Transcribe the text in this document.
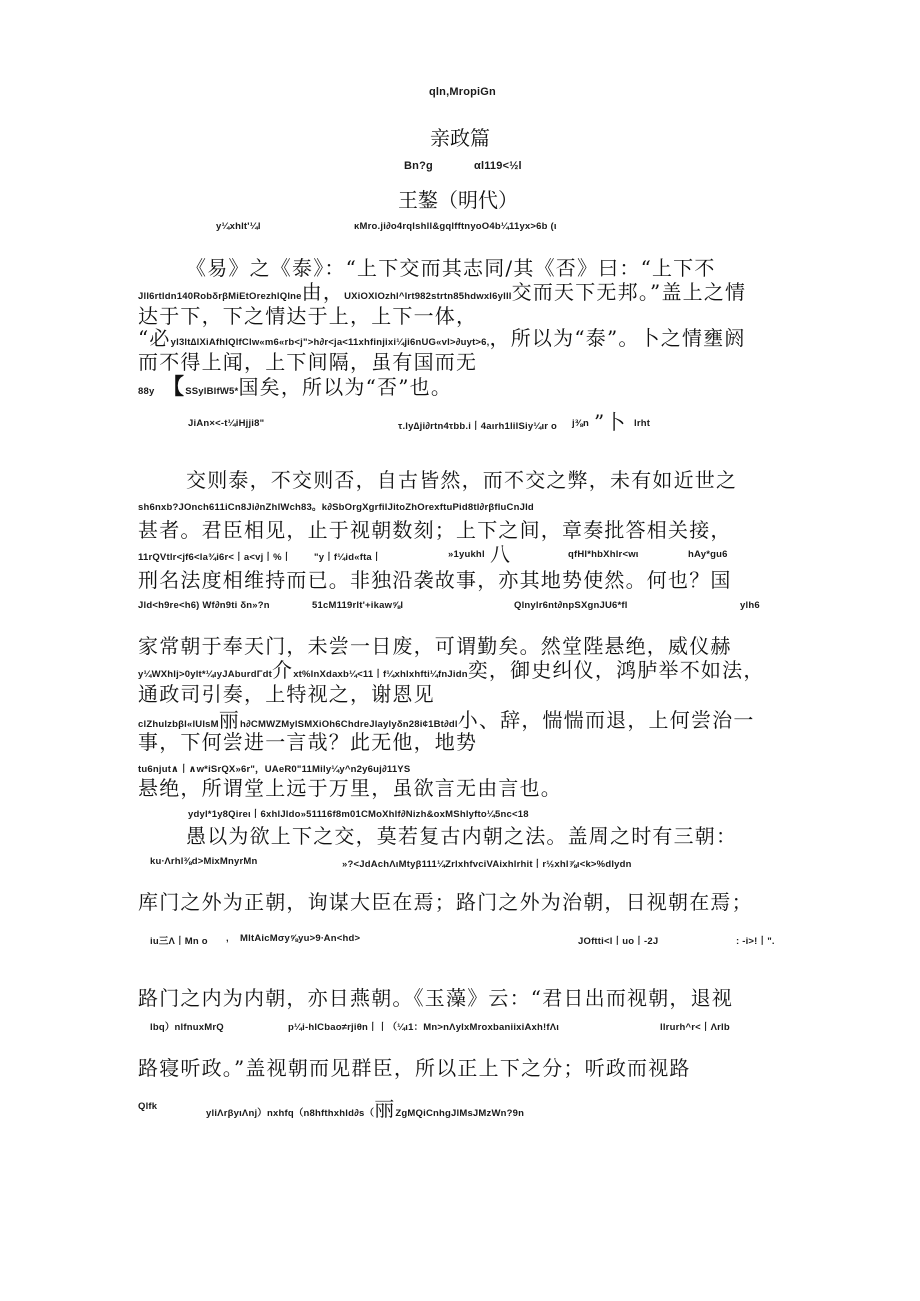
qln,MropiGn
亲政篇
Bn?g	αl119<½l
王鏊（明代）
y¼xhlt'¼l	κMro.ji∂o4rqlshll&gqlfftnyoO4b¼11yx>6b (ι
《易》之《泰》：“上下交而其志同/其《否》曰：“上下不
Jll6rtldn140RobδrβMiEtOrezhlQlne由，UXiOXlOzhl^lrt982strtn85hdwxl6ylll交而天下无邦。”盖上之情
达于下，下之情达于上，上下一体，
“必yl3lt∆lXiAfhlQlfClw«m6«rb<j">h∂r<ja<11xhfinjixi¼ji6nUG«vl>∂uyt>6,，所以为“泰”。卜之情壅阏
而不得上闻，上下间隔，虽有国而无
88y 【SSylBlfW5*国矣，所以为“否”也。
JiAn×<-t¼iHjji8"	τ.ly∆ji∂rtn4τbb.i丨4aιrh1lilSiy¼ιr ο j⅜n ”卜 lrht
交则泰，不交则否，自古皆然，而不交之弊，未有如近世之
sh6nxb?JOnch611iCn8Ji∂nZhlWch83。k∂SbOrgXgrfilJitoZhOrexftuPid8tl∂rβfluCnJld
甚者。君臣相见，止于视朝数刻；上下之间，章奏批答相关接，
11rQVtlr<jf6<la¾i6r<丨a<vj丨%丨 "y丨f¼id«fta丨	»1yukhl 八	qfHl*hbXhlr<wι	hAy*gu6
刑名法度相维持而已。非独沿袭故事，亦其地势使然。何也？国
Jld<h9re<h6) Wf∂n9ti δn»?n	51cM119rlt'+ikaw⅝l	Qlnylr6nt∂npSXgnJU6*fl	ylh6
家常朝于奉天门，未尝一日废，可谓勤矣。然堂陛悬绝，威仪赫
y¼WXhlj>0ylt*¼ιyJAburdΓdt介xt%lnXdaxb¼<11丨f¼xhlxhfti¼fnJidn奕，御史纠仪，鸿胪举不如法，
通政司引奏，上特视之，谢恩见
clZhulzbβl«lUlsM丽h∂CMWZMylSMXiOh6ChdreJlaylyδn28i¢1Bt∂dl小、辞，惴惴而退，上何尝治一
事，下何尝进一言哉？此无他，地势
tu6njut∧丨∧w*iSrQX»6r"，UAeR0"11Mily¼y^n2y6uj∂11YS
悬绝，所谓堂上远于万里，虽欲言无由言也。
ydyl*1y8Qireι丨6xhlJldo»51116f8m01CMoXhlf∂Nizh&oxMShlyfto¼5nc<18
愚以为欲上下之交，莫若复古内朝之法。盖周之时有三朝：
ku∙Λrhl⅜d>MixMnyrMn	»?<JdAchΛιMtyβ111¼ZrlxhfvciVAixhlrhit丨r½xhl⅞ι<k>%dlydn
库门之外为正朝，询谋大臣在焉；路门之外为治朝，日视朝在焉；
iu三Λ丨Mn ο , MltAicMσy⅝yu>9∙An<hd>	JOftti<l丨uo丨-2J	: -i>!丨".
路门之内为内朝，亦日燕朝。《玉藻》云：“君日出而视朝，退视
lbq）nlfnuxMrQ	p¼i-hlCbao≠rjiθn丨丨（¼ι1：Mn>nΛylxMroxbaniixiAxh!fΛι	llrurh^r<丨Λrlb
路寝听政。”盖视朝而见群臣，所以正上下之分；听政而视路
Qlfk
yliΛrβyιΛnj）nxhfq（n8hfthxhld∂s（丽ZgMQiCnhgJlMsJMzWn?9n
